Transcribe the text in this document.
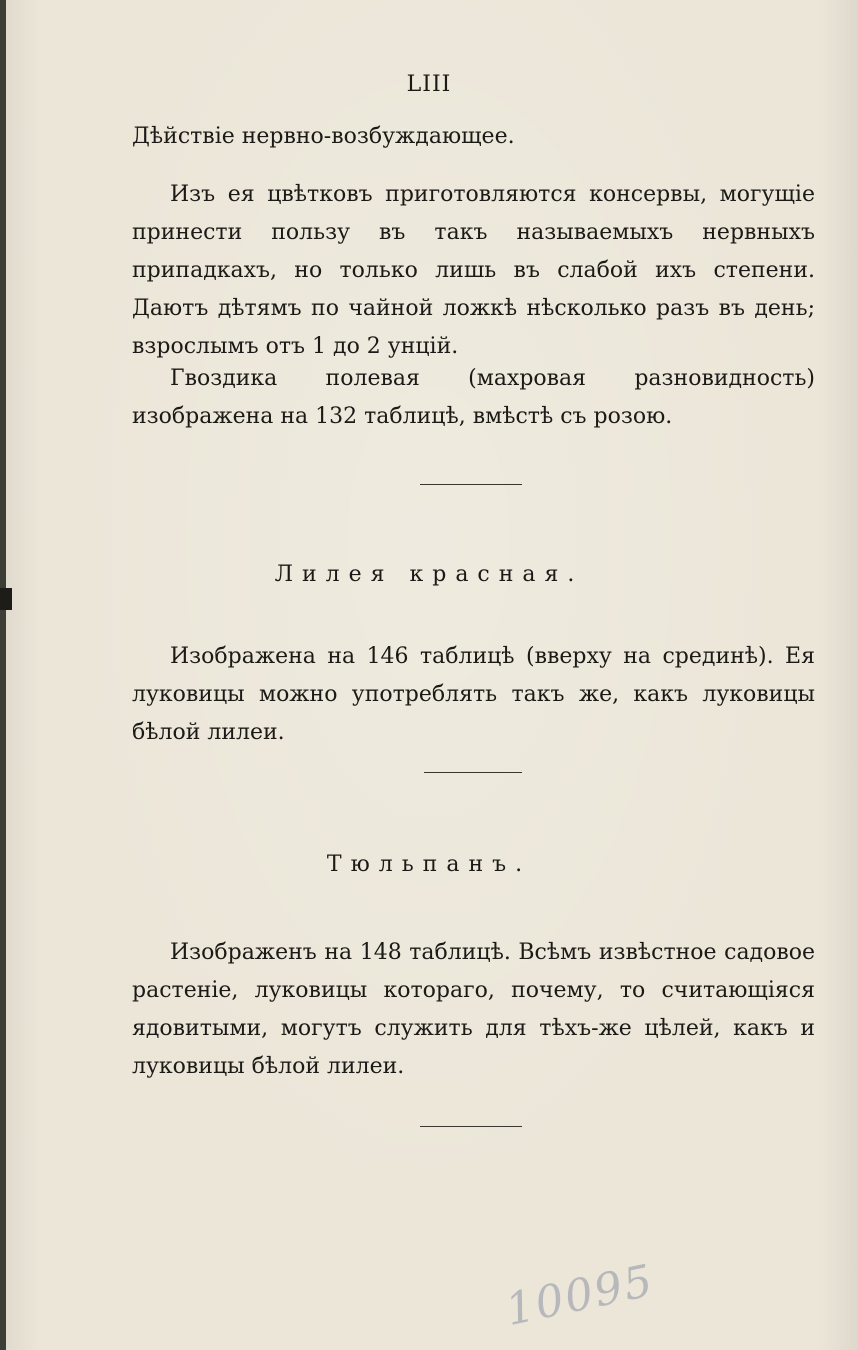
LIII
Дѣйствіе нервно-возбуждающее.
Изъ ея цвѣтковъ приготовляются консервы, могущіе принести пользу въ такъ называемыхъ нервныхъ припадкахъ, но только лишь въ слабой ихъ степени. Даютъ дѣтямъ по чайной ложкѣ нѣсколько разъ въ день; взрослымъ отъ 1 до 2 унцій.
Гвоздика полевая (махровая разновидность) изображена на 132 таблицѣ, вмѣстѣ съ розою.
Лилея красная.
Изображена на 146 таблицѣ (вверху на срединѣ). Ея луковицы можно употреблять такъ же, какъ луковицы бѣлой лилеи.
Тюльпанъ.
Изображенъ на 148 таблицѣ. Всѣмъ извѣстное садовое растеніе, луковицы котораго, почему, то считающіяся ядовитыми, могутъ служить для тѣхъ-же цѣлей, какъ и луковицы бѣлой лилеи.
10095
